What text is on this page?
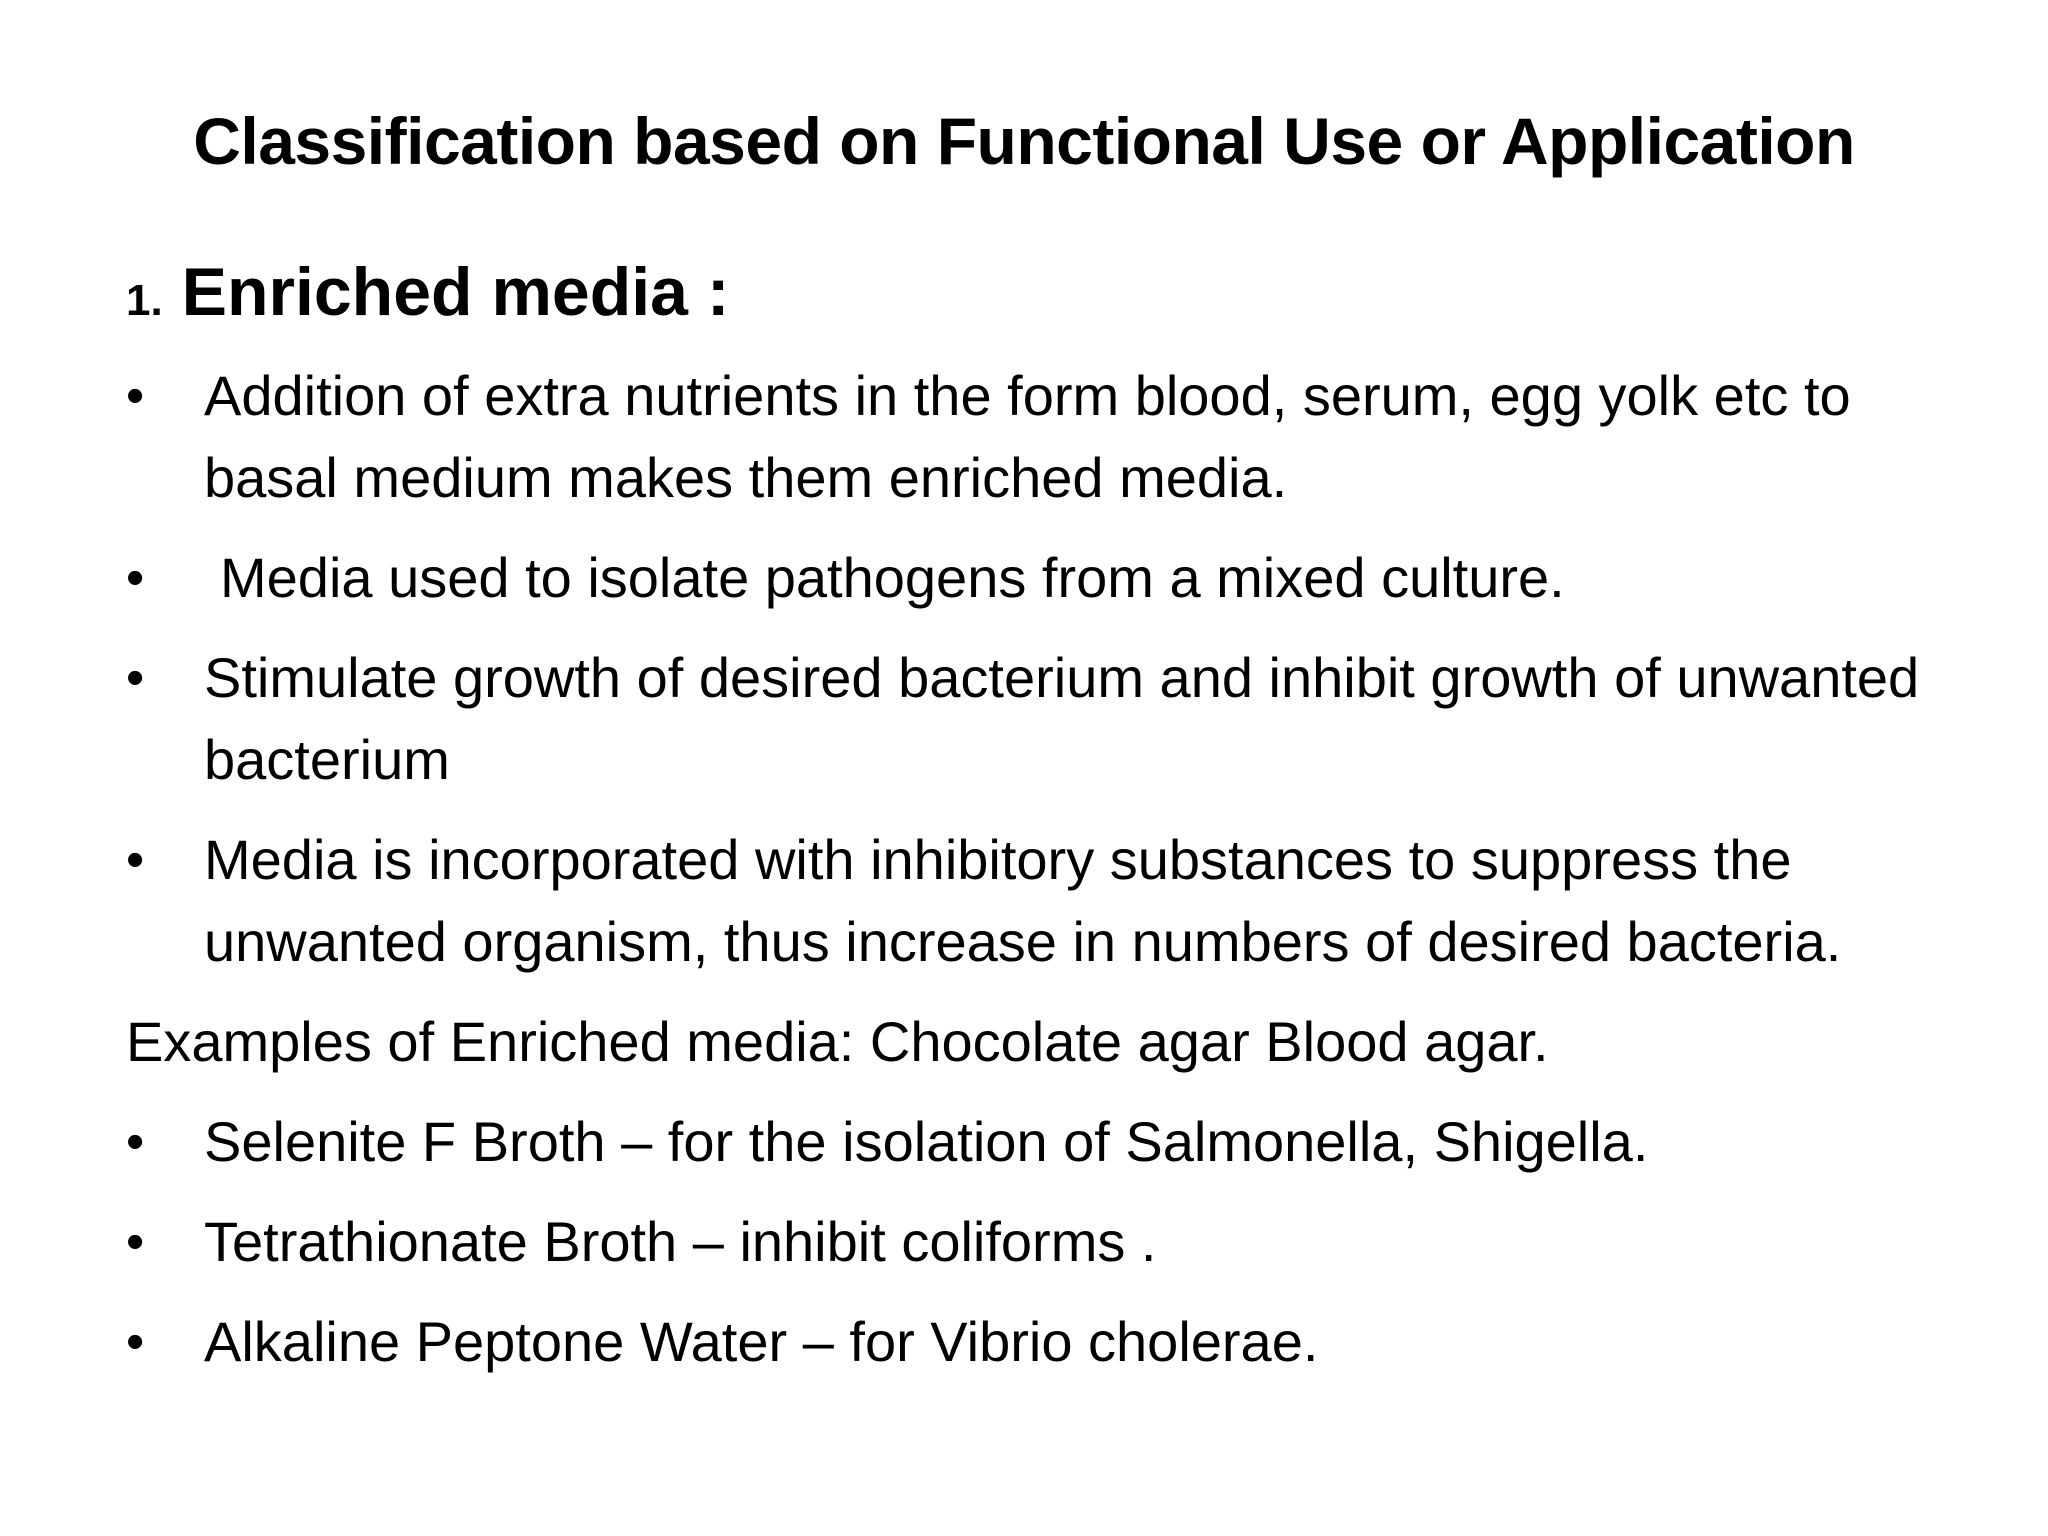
Classification based on Functional Use or Application
1. Enriched media :
•	Addition of extra nutrients in the form blood, serum, egg yolk etc to basal medium makes them enriched media.
•	Media used to isolate pathogens from a mixed culture.
•	Stimulate growth of desired bacterium and inhibit growth of unwanted bacterium
•	Media is incorporated with inhibitory substances to suppress the unwanted organism, thus increase in numbers of desired bacteria.
Examples of Enriched media: Chocolate agar Blood agar.
•	Selenite F Broth – for the isolation of Salmonella, Shigella.
•	Tetrathionate Broth – inhibit coliforms .
•	Alkaline Peptone Water – for Vibrio cholerae.
